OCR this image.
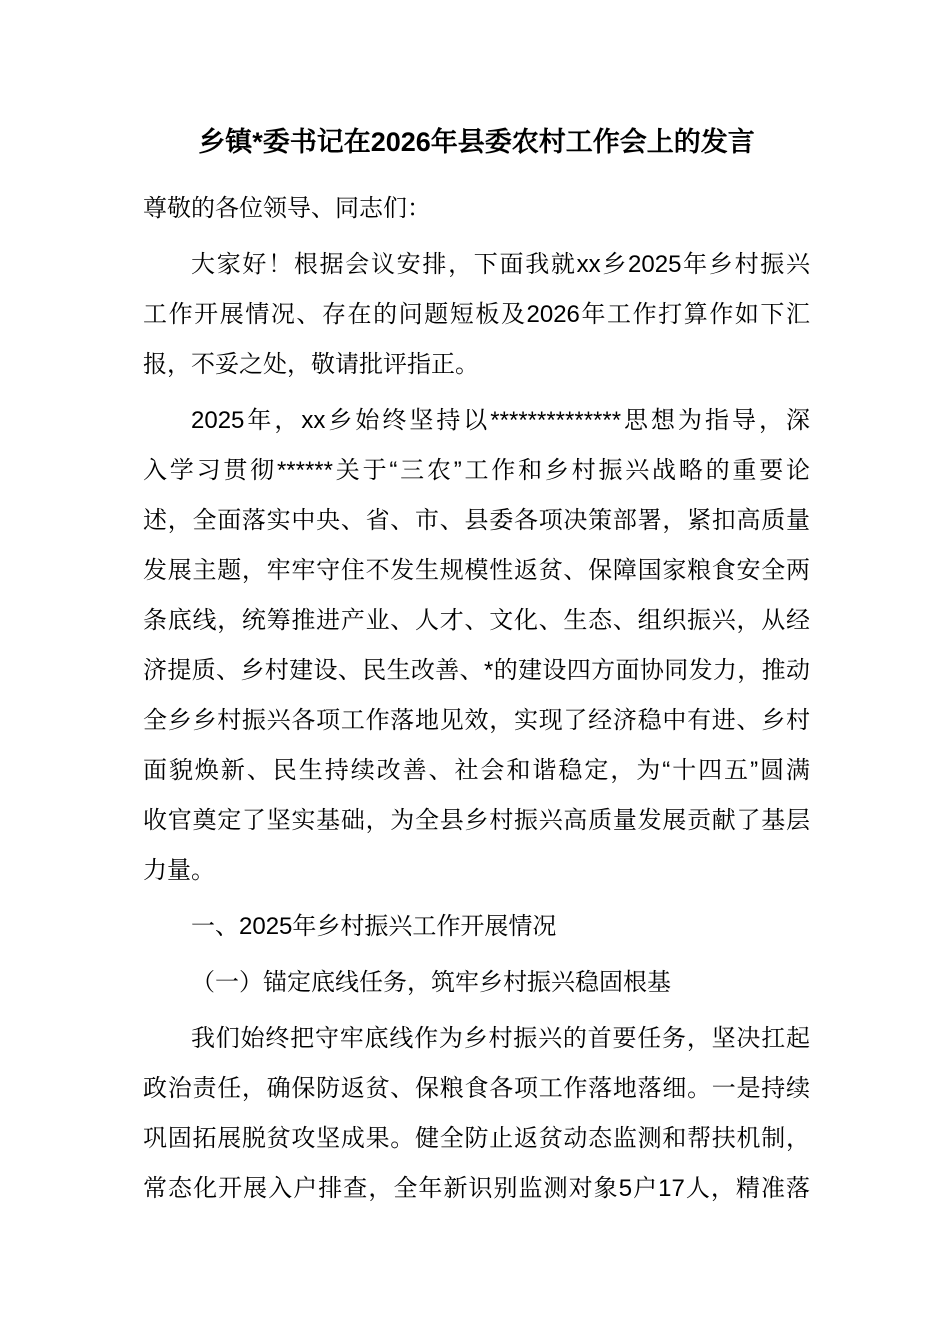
乡镇*委书记在2026年县委农村工作会上的发言
尊敬的各位领导、同志们：
大家好！根据会议安排，下面我就xx乡2025年乡村振兴
工作开展情况、存在的问题短板及2026年工作打算作如下汇
报，不妥之处，敬请批评指正。
2025年，xx乡始终坚持以**************思想为指导，深
入学习贯彻******关于“三农”工作和乡村振兴战略的重要论
述，全面落实中央、省、市、县委各项决策部署，紧扣高质量
发展主题，牢牢守住不发生规模性返贫、保障国家粮食安全两
条底线，统筹推进产业、人才、文化、生态、组织振兴，从经
济提质、乡村建设、民生改善、*的建设四方面协同发力，推动
全乡乡村振兴各项工作落地见效，实现了经济稳中有进、乡村
面貌焕新、民生持续改善、社会和谐稳定，为“十四五”圆满
收官奠定了坚实基础，为全县乡村振兴高质量发展贡献了基层
力量。
一、2025年乡村振兴工作开展情况
（一）锚定底线任务，筑牢乡村振兴稳固根基
我们始终把守牢底线作为乡村振兴的首要任务，坚决扛起
政治责任，确保防返贫、保粮食各项工作落地落细。一是持续
巩固拓展脱贫攻坚成果。健全防止返贫动态监测和帮扶机制，
常态化开展入户排查，全年新识别监测对象5户17人，精准落
